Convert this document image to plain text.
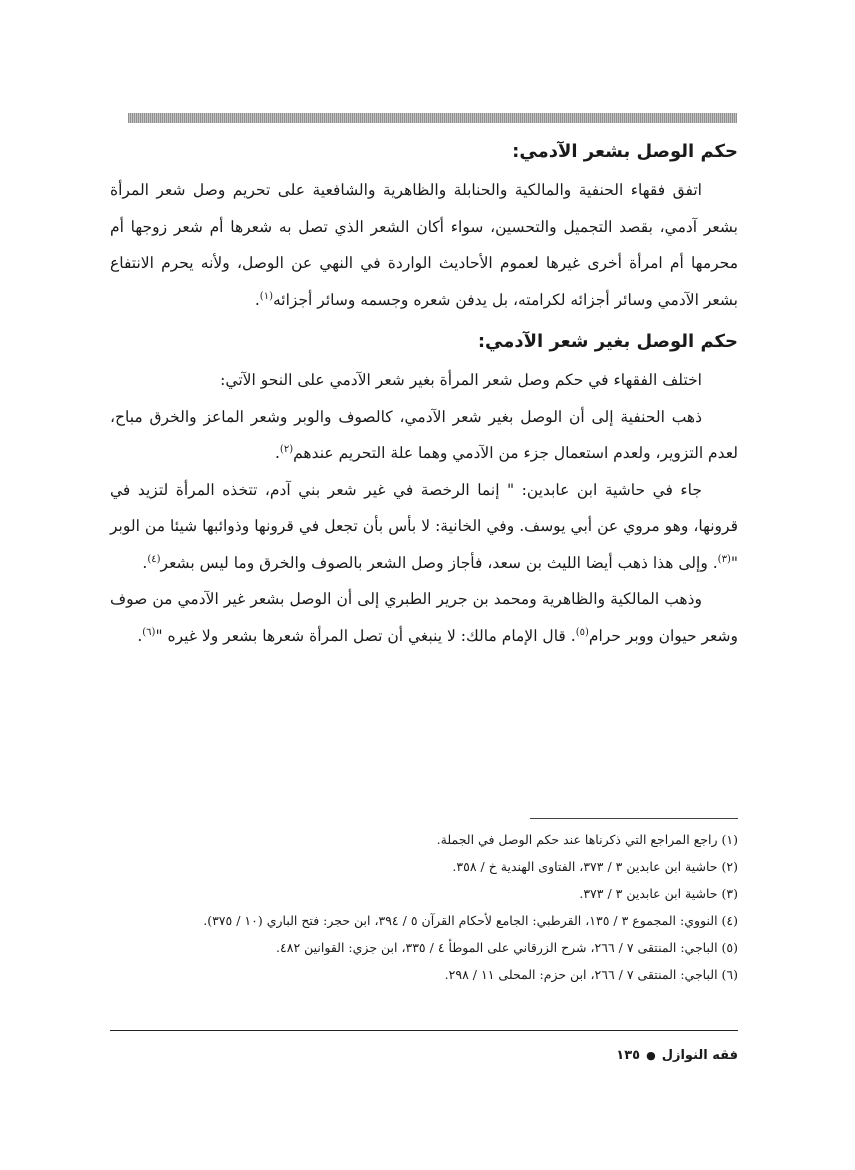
حكم الوصل بشعر الآدمي:

اتفق فقهاء الحنفية والمالكية والحنابلة والظاهرية والشافعية على تحريم وصل شعر المرأة بشعر آدمي، بقصد التجميل والتحسين، سواء أكان الشعر الذي تصل به شعرها أم شعر زوجها أم محرمها أم امرأة أخرى غيرها لعموم الأحاديث الواردة في النهي عن الوصل، ولأنه يحرم الانتفاع بشعر الآدمي وسائر أجزائه لكرامته، بل يدفن شعره وجسمه وسائر أجزائه$^{(١)}$.

حكم الوصل بغير شعر الآدمي:

اختلف الفقهاء في حكم وصل شعر المرأة بغير شعر الآدمي على النحو الآتي:

ذهب الحنفية إلى أن الوصل بغير شعر الآدمي، كالصوف والوبر وشعر الماعز والخرق مباح، لعدم التزوير، ولعدم استعمال جزء من الآدمي وهما علة التحريم عندهم$^{(٢)}$.

جاء في حاشية ابن عابدين: " إنما الرخصة في غير شعر بني آدم، تتخذه المرأة لتزيد في قرونها، وهو مروي عن أبي يوسف. وفي الخانية: لا بأس بأن تجعل في قرونها وذوائبها شيئا من الوبر "$^{(٣)}$. وإلى هذا ذهب أيضا الليث بن سعد، فأجاز وصل الشعر بالصوف والخرق وما ليس بشعر$^{(٤)}$.

وذهب المالكية والظاهرية ومحمد بن جرير الطبري إلى أن الوصل بشعر غير الآدمي من صوف وشعر حيوان ووبر حرام$^{(٥)}$. قال الإمام مالك: لا ينبغي أن تصل المرأة شعرها بشعر ولا غيره "$^{(٦)}$.

(١) راجع المراجع التي ذكرناها عند حكم الوصل في الجملة.

(٢) حاشية ابن عابدين ٣ / ٣٧٣، الفتاوى الهندية خ / ٣٥٨.

(٣) حاشية ابن عابدين ٣ / ٣٧٣.

(٤) النووي: المجموع ٣ / ١٣٥، القرطبي: الجامع لأحكام القرآن ٥ / ٣٩٤، ابن حجر: فتح الباري (١٠ / ٣٧٥).

(٥) الباجي: المنتقى ٧ / ٢٦٦، شرح الزرقاني على الموطأ ٤ / ٣٣٥، ابن جزي: القوانين ٤٨٢.

(٦) الباجي: المنتقى ٧ / ٢٦٦، ابن حزم: المحلى ١١ / ٢٩٨.

فقه النوازل●١٣٥
